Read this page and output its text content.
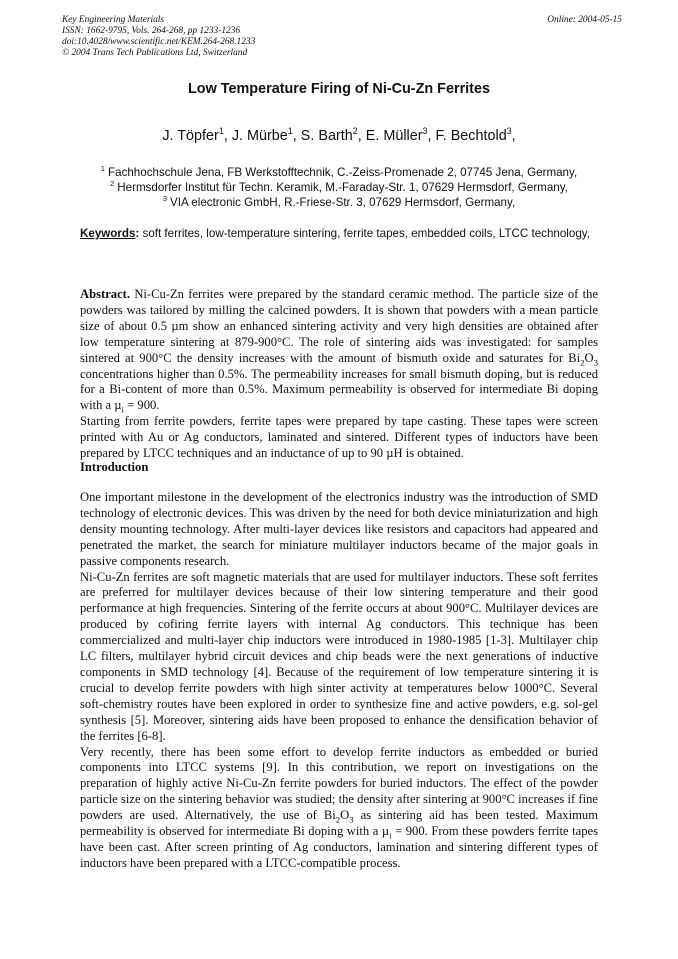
Key Engineering Materials
ISSN: 1662-9795, Vols. 264-268, pp 1233-1236
doi:10.4028/www.scientific.net/KEM.264-268.1233
© 2004 Trans Tech Publications Ltd, Switzerland
Online: 2004-05-15
Low Temperature Firing of Ni-Cu-Zn Ferrites
J. Töpfer$^1$, J. Mürbe$^1$, S. Barth$^2$, E. Müller$^3$, F. Bechtold$^3$,
$^1$ Fachhochschule Jena, FB Werkstofftechnik, C.-Zeiss-Promenade 2, 07745 Jena, Germany,
$^2$ Hermsdorfer Institut für Techn. Keramik, M.-Faraday-Str. 1, 07629 Hermsdorf, Germany,
$^3$ VIA electronic GmbH, R.-Friese-Str. 3, 07629 Hermsdorf, Germany,
Keywords: soft ferrites, low-temperature sintering, ferrite tapes, embedded coils, LTCC technology,

Abstract. Ni-Cu-Zn ferrites were prepared by the standard ceramic method. The particle size of the powders was tailored by milling the calcined powders. It is shown that powders with a mean particle size of about 0.5 µm show an enhanced sintering activity and very high densities are obtained after low temperature sintering at 879-900°C. The role of sintering aids was investigated: for samples sintered at 900°C the density increases with the amount of bismuth oxide and saturates for $Bi_2O_3$ concentrations higher than 0.5%. The permeability increases for small bismuth doping, but is reduced for a Bi-content of more than 0.5%. Maximum permeability is observed for intermediate Bi doping with a µ$_i$ = 900.

Starting from ferrite powders, ferrite tapes were prepared by tape casting. These tapes were screen printed with Au or Ag conductors, laminated and sintered. Different types of inductors have been prepared by LTCC techniques and an inductance of up to 90 µH is obtained.

Introduction

One important milestone in the development of the electronics industry was the introduction of SMD technology of electronic devices. This was driven by the need for both device miniaturization and high density mounting technology. After multi-layer devices like resistors and capacitors had appeared and penetrated the market, the search for miniature multilayer inductors became of the major goals in passive components research.

Ni-Cu-Zn ferrites are soft magnetic materials that are used for multilayer inductors. These soft ferrites are preferred for multilayer devices because of their low sintering temperature and their good performance at high frequencies. Sintering of the ferrite occurs at about 900°C. Multilayer devices are produced by cofiring ferrite layers with internal Ag conductors. This technique has been commercialized and multi-layer chip inductors were introduced in 1980-1985 [1-3]. Multilayer chip LC filters, multilayer hybrid circuit devices and chip beads were the next generations of inductive components in SMD technology [4]. Because of the requirement of low temperature sintering it is crucial to develop ferrite powders with high sinter activity at temperatures below 1000°C. Several soft-chemistry routes have been explored in order to synthesize fine and active powders, e.g. sol-gel synthesis [5]. Moreover, sintering aids have been proposed to enhance the densification behavior of the ferrites [6-8].

Very recently, there has been some effort to develop ferrite inductors as embedded or buried components into LTCC systems [9]. In this contribution, we report on investigations on the preparation of highly active Ni-Cu-Zn ferrite powders for buried inductors. The effect of the powder particle size on the sintering behavior was studied; the density after sintering at 900°C increases if fine powders are used. Alternatively, the use of $Bi_2O_3$ as sintering aid has been tested. Maximum permeability is observed for intermediate Bi doping with a µ$_i$ = 900. From these powders ferrite tapes have been cast. After screen printing of Ag conductors, lamination and sintering different types of inductors have been prepared with a LTCC-compatible process.
